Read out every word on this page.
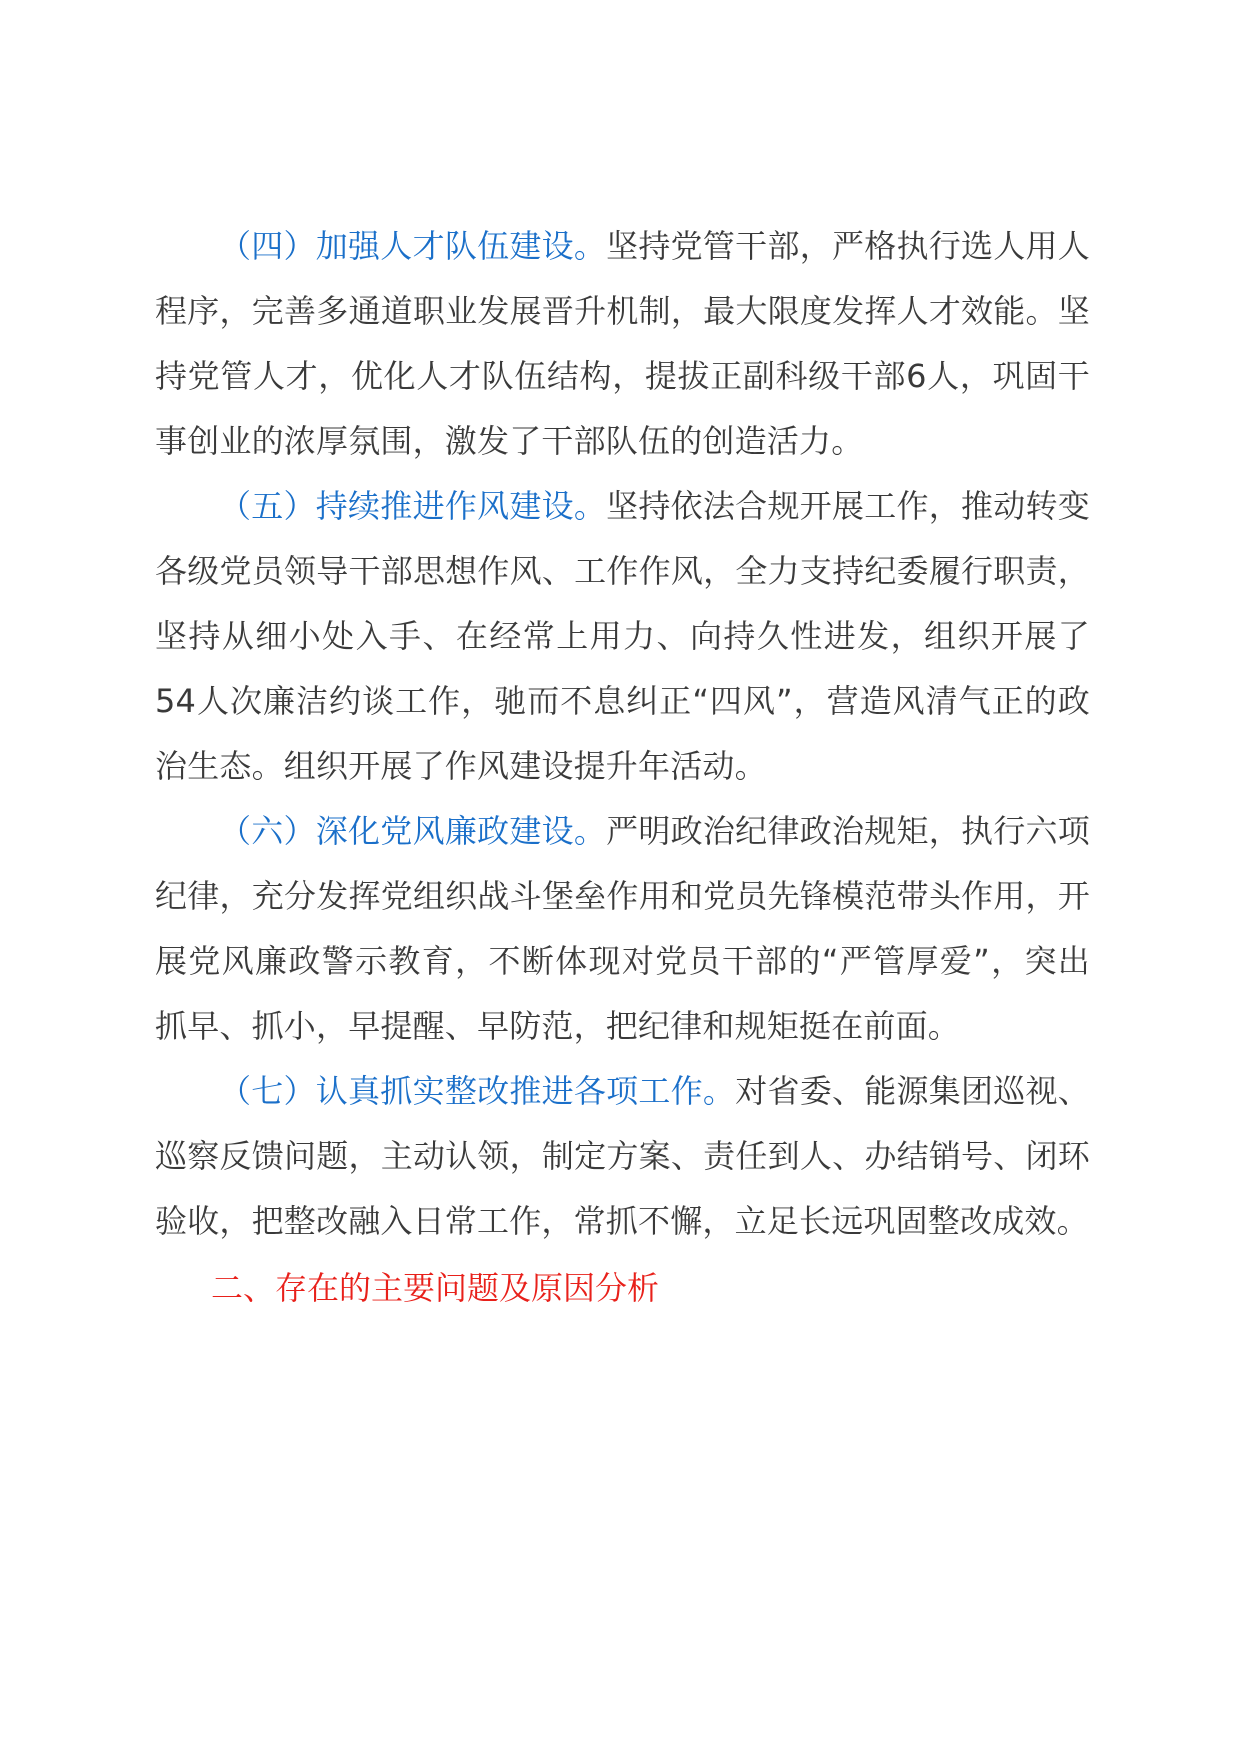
（四）加强人才队伍建设。坚持党管干部，严格执行选人用人程序，完善多通道职业发展晋升机制，最大限度发挥人才效能。坚持党管人才，优化人才队伍结构，提拔正副科级干部6人，巩固干事创业的浓厚氛围，激发了干部队伍的创造活力。

（五）持续推进作风建设。坚持依法合规开展工作，推动转变各级党员领导干部思想作风、工作作风，全力支持纪委履行职责，坚持从细小处入手、在经常上用力、向持久性进发，组织开展了54人次廉洁约谈工作，驰而不息纠正“四风”，营造风清气正的政治生态。组织开展了作风建设提升年活动。

（六）深化党风廉政建设。严明政治纪律政治规矩，执行六项纪律，充分发挥党组织战斗堡垒作用和党员先锋模范带头作用，开展党风廉政警示教育，不断体现对党员干部的“严管厚爱”，突出抓早、抓小，早提醒、早防范，把纪律和规矩挺在前面。

（七）认真抓实整改推进各项工作。对省委、能源集团巡视、巡察反馈问题，主动认领，制定方案、责任到人、办结销号、闭环验收，把整改融入日常工作，常抓不懈，立足长远巩固整改成效。

二、存在的主要问题及原因分析
